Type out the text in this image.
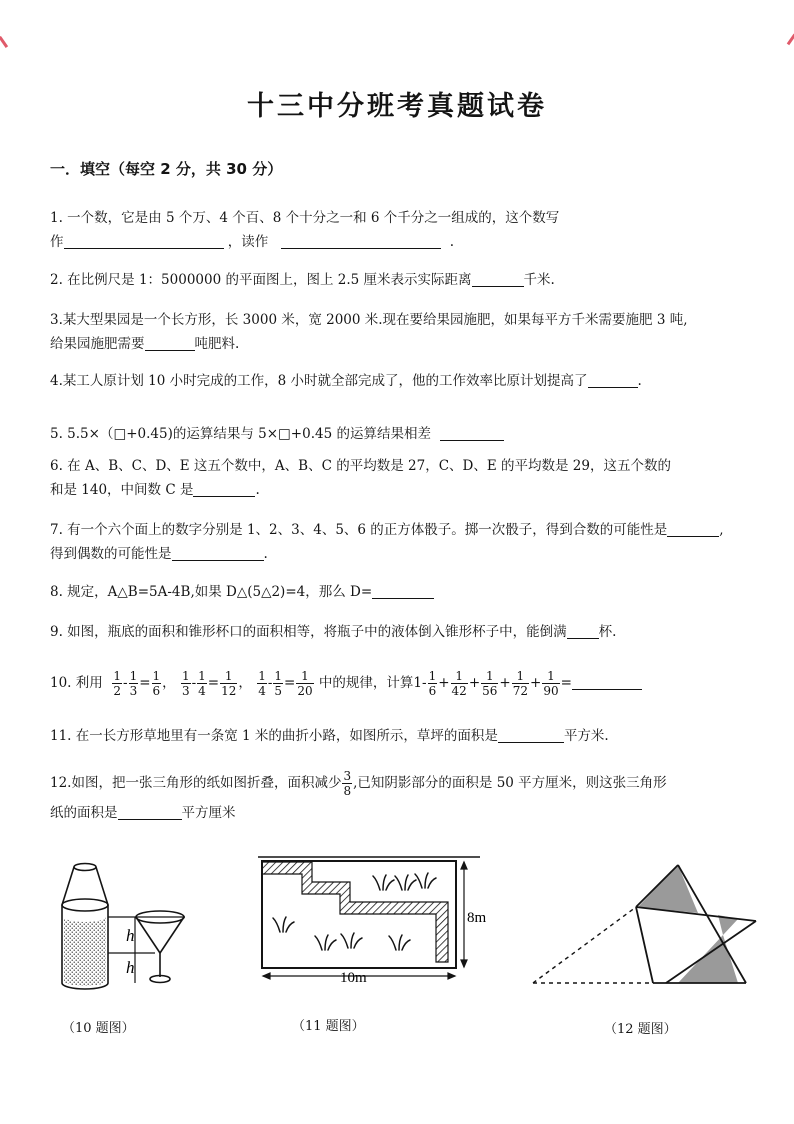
十三中分班考真题试卷
一．填空（每空 2 分，共 30 分）
1. 一个数，它是由 5 个万、4 个百、8 个十分之一和 6 个千分之一组成的，这个数写
作	，读作	.
2. 在比例尺是 1：5000000 的平面图上，图上 2.5 厘米表示实际距离	千米.
3.某大型果园是一个长方形，长 3000 米，宽 2000 米.现在要给果园施肥，如果每平方千米需要施肥 3 吨,
给果园施肥需要	吨肥料.
4.某工人原计划 10 小时完成的工作，8 小时就全部完成了，他的工作效率比原计划提高了	.
5. 5.5×（□+0.45)的运算结果与 5×□+0.45 的运算结果相差
6. 在 A、B、C、D、E 这五个数中，A、B、C 的平均数是 27，C、D、E 的平均数是 29，这五个数的
和是 140，中间数 C 是	.
7. 有一个六个面上的数字分别是 1、2、3、4、5、6 的正方体骰子。掷一次骰子，得到合数的可能性是	,
得到偶数的可能性是	.
8. 规定，A△B=5A-4B,如果 D△(5△2)=4，那么 D=
9. 如图，瓶底的面积和锥形杯口的面积相等，将瓶子中的液体倒入锥形杯子中，能倒满 杯.
10. 利用 $\frac{1}{2} - \frac{1}{3} = \frac{1}{6}$ ， $\frac{1}{3} - \frac{1}{4} = \frac{1}{12}$ ， $\frac{1}{4} - \frac{1}{5} = \frac{1}{20}$ 中的规律，计算$1- \frac{1}{6} + \frac{1}{42} + \frac{1}{56} + \frac{1}{72} + \frac{1}{90}$ =
11. 在一长方形草地里有一条宽 1 米的曲折小路，如图所示，草坪的面积是	平方米.
12.如图，把一张三角形的纸如图折叠，面积减少 $\frac{3}{8}$ ,已知阴影部分的面积是 50 平方厘米，则这张三角形
纸的面积是	平方厘米
h
h
（10 题图）
8m
10m
（11 题图）	（12 题图）
